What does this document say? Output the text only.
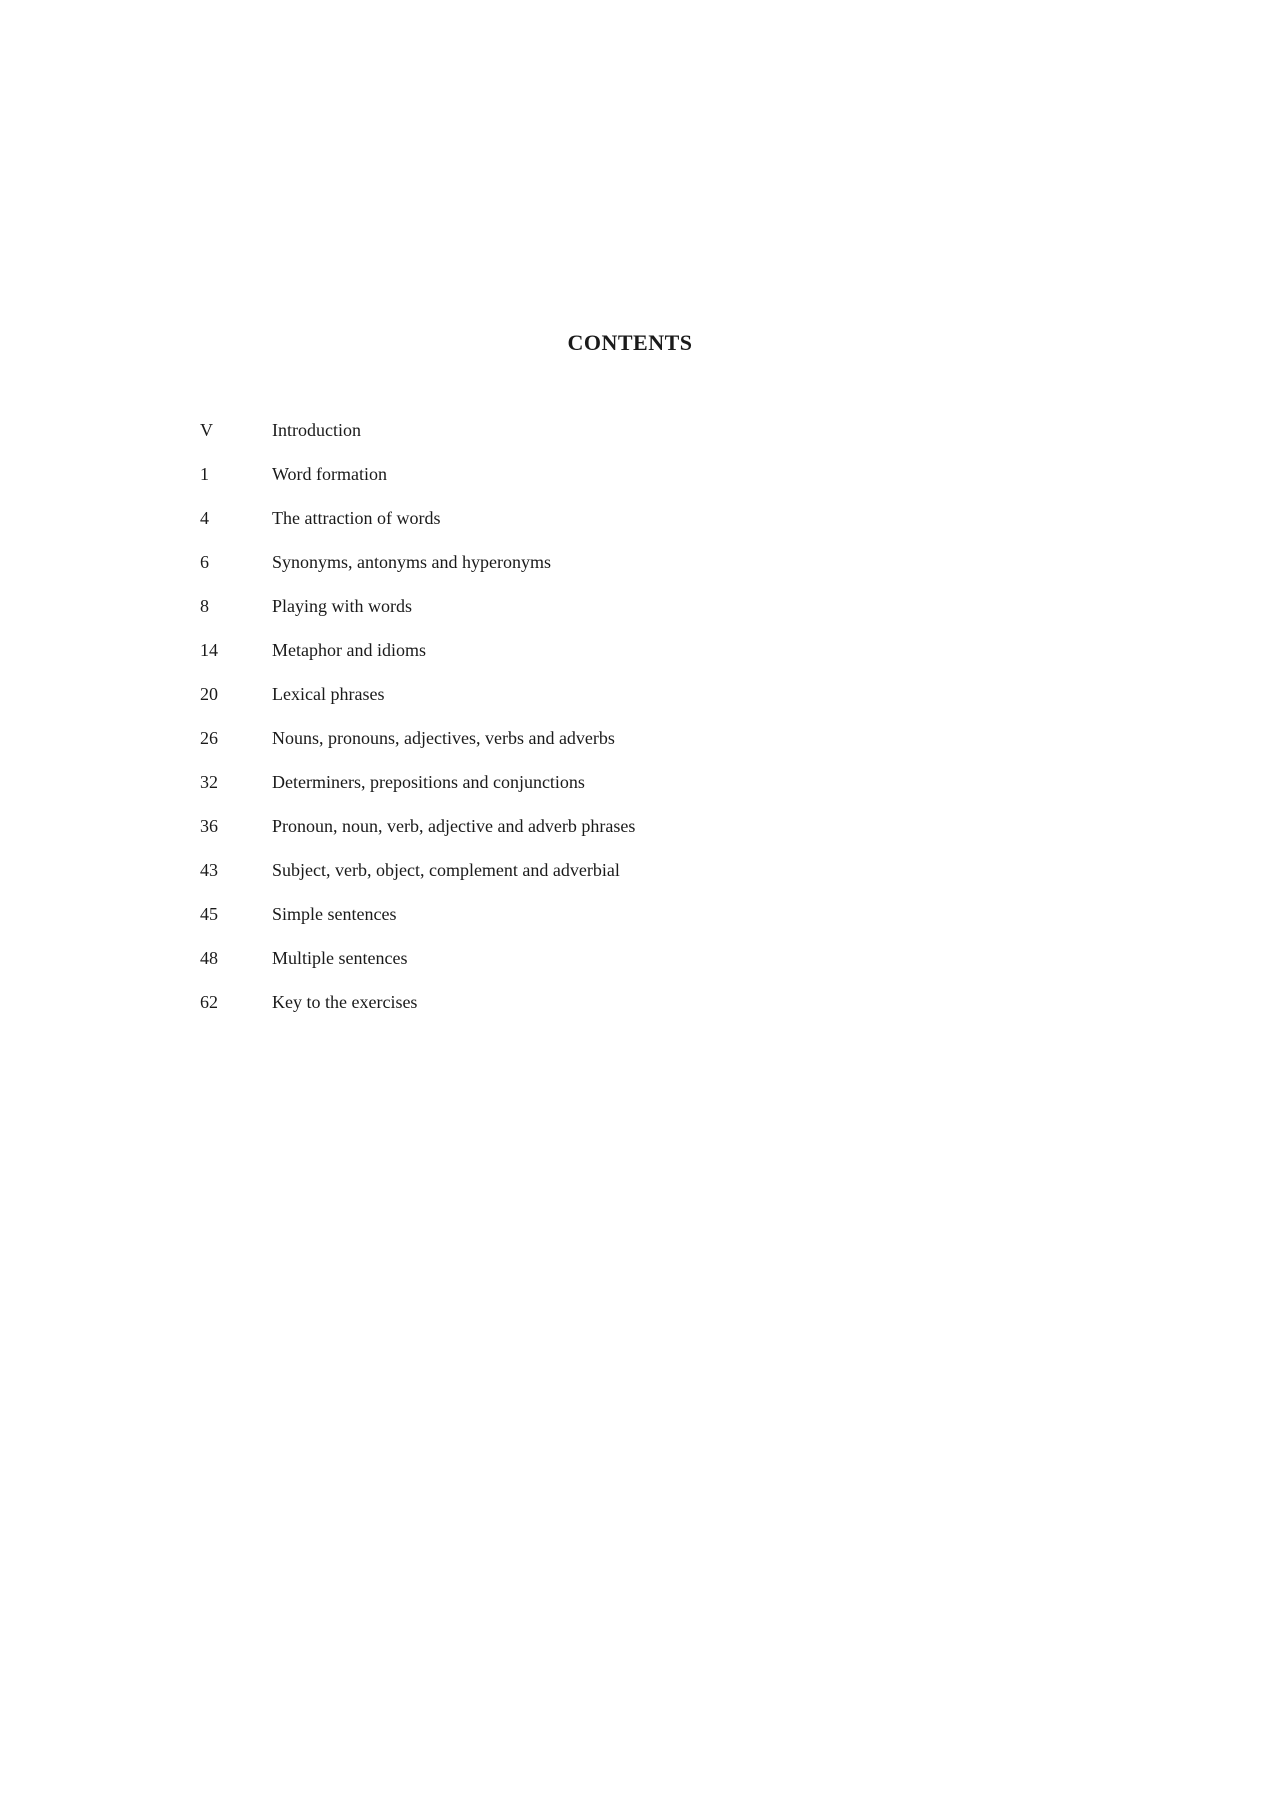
CONTENTS
V	Introduction
1	Word formation
4	The attraction of words
6	Synonyms, antonyms and hyperonyms
8	Playing with words
14	Metaphor and idioms
20	Lexical phrases
26	Nouns, pronouns, adjectives, verbs and adverbs
32	Determiners, prepositions and conjunctions
36	Pronoun, noun, verb, adjective and adverb phrases
43	Subject, verb, object, complement and adverbial
45	Simple sentences
48	Multiple sentences
62	Key to the exercises
